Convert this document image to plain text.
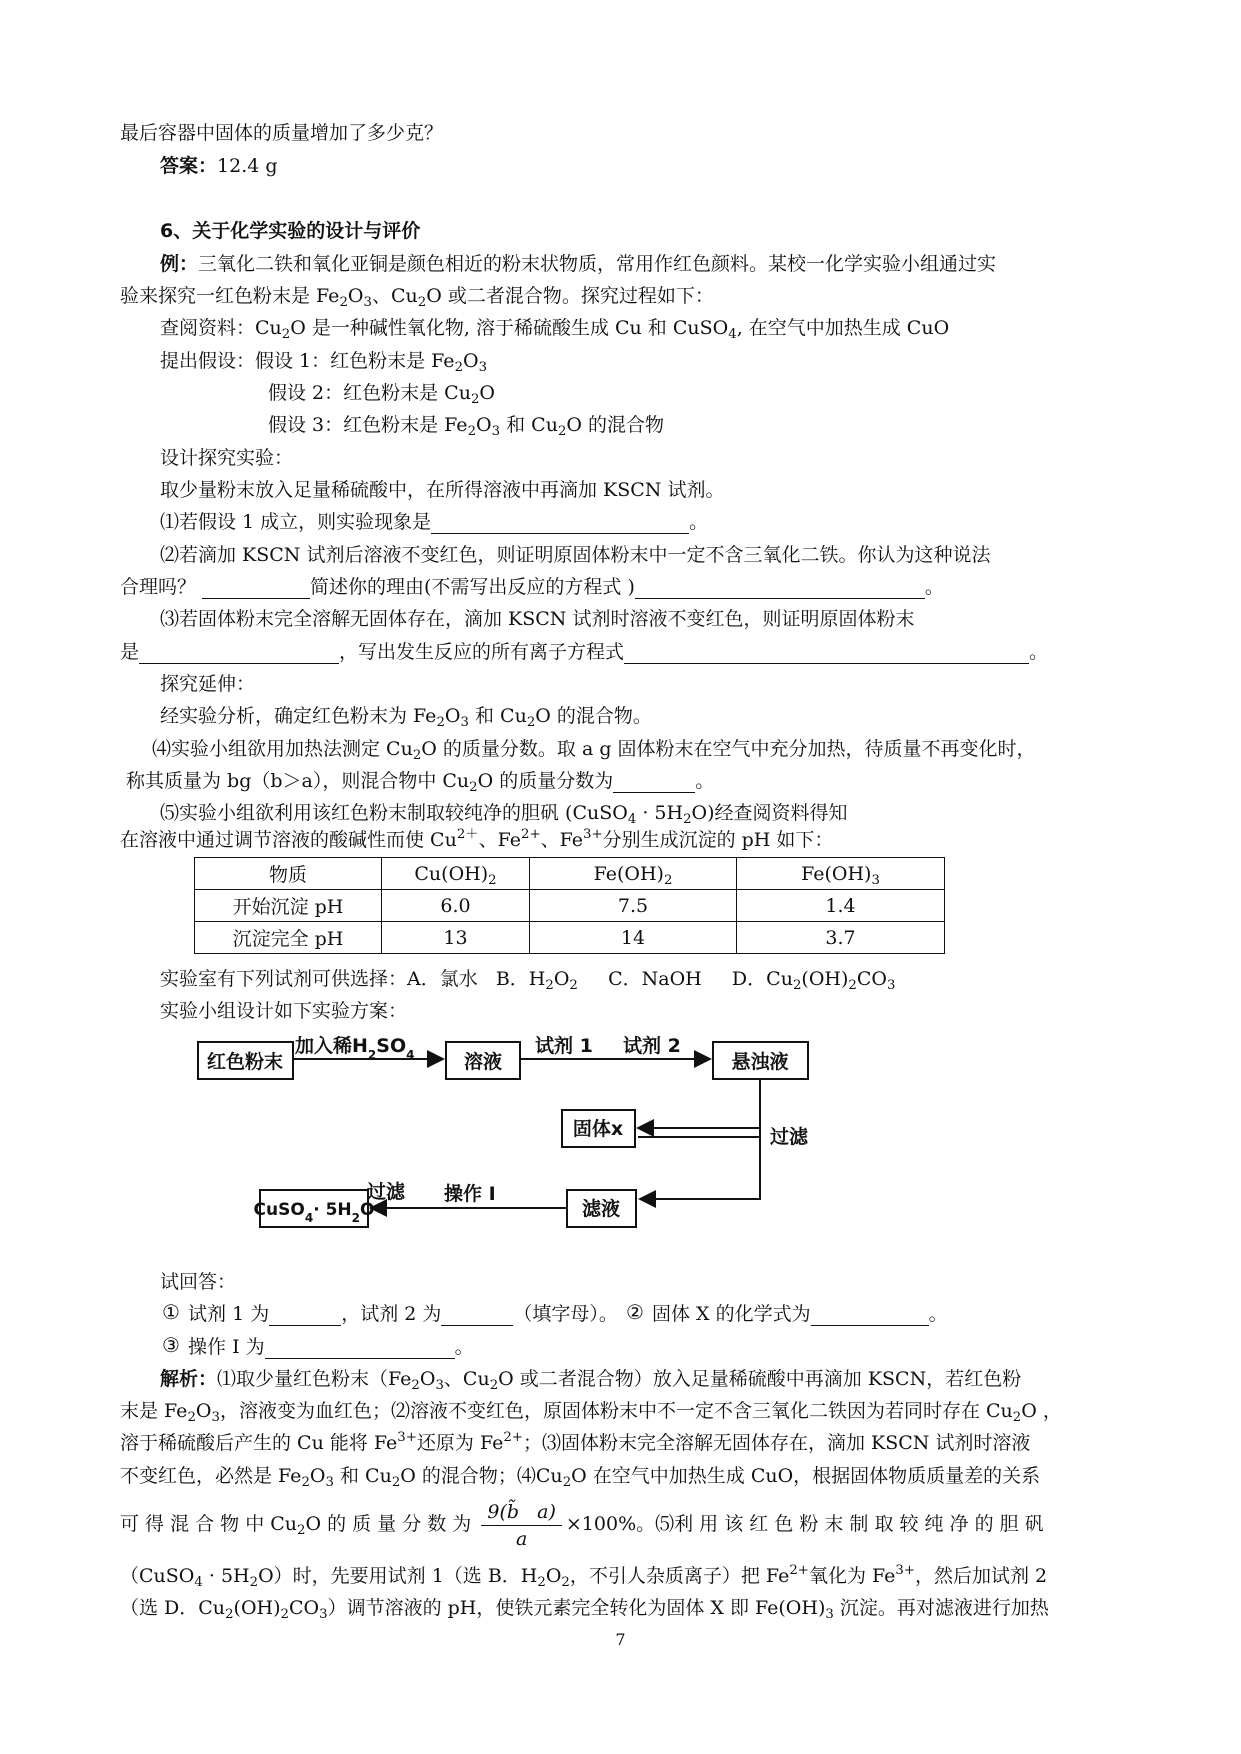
最后容器中固体的质量增加了多少克？
答案：12.4 g
6、关于化学实验的设计与评价
例：三氧化二铁和氧化亚铜是颜色相近的粉末状物质，常用作红色颜料。某校一化学实验小组通过实
验来探究一红色粉末是 $Fe_2O_3$、$Cu_2O$ 或二者混合物。探究过程如下：
查阅资料：$Cu_2O$ 是一种碱性氧化物, 溶于稀硫酸生成 Cu 和 CuSO$_4$, 在空气中加热生成 CuO
提出假设：假设 1：红色粉末是 $Fe_2O_3$
假设 2：红色粉末是 $Cu_2O$
假设 3：红色粉末是 $Fe_2O_3$ 和 $Cu_2O$ 的混合物
设计探究实验：
取少量粉末放入足量稀硫酸中，在所得溶液中再滴加 KSCN 试剂。
⑴若假设 1 成立，则实验现象是	。
⑵若滴加 KSCN 试剂后溶液不变红色，则证明原固体粉末中一定不含三氧化二铁。你认为这种说法
合理吗？	简述你的理由(不需写出反应的方程式 )	。
⑶若固体粉末完全溶解无固体存在，滴加 KSCN 试剂时溶液不变红色，则证明原固体粉末
是	，写出发生反应的所有离子方程式	。
探究延伸：
经实验分析，确定红色粉末为 $Fe_2O_3$ 和 $Cu_2O$ 的混合物。
⑷实验小组欲用加热法测定 $Cu_2O$ 的质量分数。取 a g 固体粉末在空气中充分加热，待质量不再变化时，
称其质量为 bg（b＞a），则混合物中 $Cu_2O$ 的质量分数为	。
⑸实验小组欲利用该红色粉末制取较纯净的胆矾 (CuSO$_4$ · $5H_2O$)经查阅资料得知
在溶液中通过调节溶液的酸碱性而使 $Cu^{2+}$、$Fe^{2+}$、$Fe^{3+}$分别生成沉淀的 pH 如下：
物质	$Cu(OH)_2$	$Fe(OH)_2$	$Fe(OH)_3$
开始沉淀 pH	6.0	7.5	1.4
沉淀完全 pH	13	14	3.7
实验室有下列试剂可供选择：A．氯水   B．$H_2O_2$     C．NaOH     D．$Cu_2(OH)_2CO_3$
实验小组设计如下实验方案：
红色粉末
加入稀$H_2SO_4$	溶液
试剂 1 试剂 2
悬浊液
过滤
固体x
滤液
操作 I
过滤
CuSO$_4$· $5H_2O$
试回答：
① 试剂 1 为	，试剂 2 为	（填字母）。 ② 固体 X 的化学式为	。
③ 操作 I 为	。
解析：⑴取少量红色粉末（$Fe_2O_3$、$Cu_2O$ 或二者混合物）放入足量稀硫酸中再滴加 KSCN，若红色粉
末是 $Fe_2O_3$，溶液变为血红色；⑵溶液不变红色，原固体粉末中不一定不含三氧化二铁因为若同时存在 $Cu_2O$ ，
溶于稀硫酸后产生的 Cu 能将 $Fe^{3+}$还原为 $Fe^{2+}$；⑶固体粉末完全溶解无固体存在，滴加 KSCN 试剂时溶液
不变红色，必然是 $Fe_2O_3$ 和 $Cu_2O$ 的混合物；$⑷Cu_2O$ 在空气中加热生成 CuO，根据固体物质质量差的关系
可 得 混 合 物 中 $Cu_2O$ 的 质 量 分 数 为 $\frac{9(b̃ a)}{a} \times 100\%$。⑸利 用 该 红 色 粉 末 制 取 较 纯 净 的 胆 矾
（CuSO$_4$ · $5H_2O$）时，先要用试剂 1（选 B．$H_2O_2$，不引人杂质离子）把 $Fe^{2+}$氧化为 $Fe^{3+}$，然后加试剂 2
（选 D．$Cu_2(OH)_2CO_3$）调节溶液的 pH，使铁元素完全转化为固体 X 即 $Fe(OH)_3$ 沉淀。再对滤液进行加热
7
